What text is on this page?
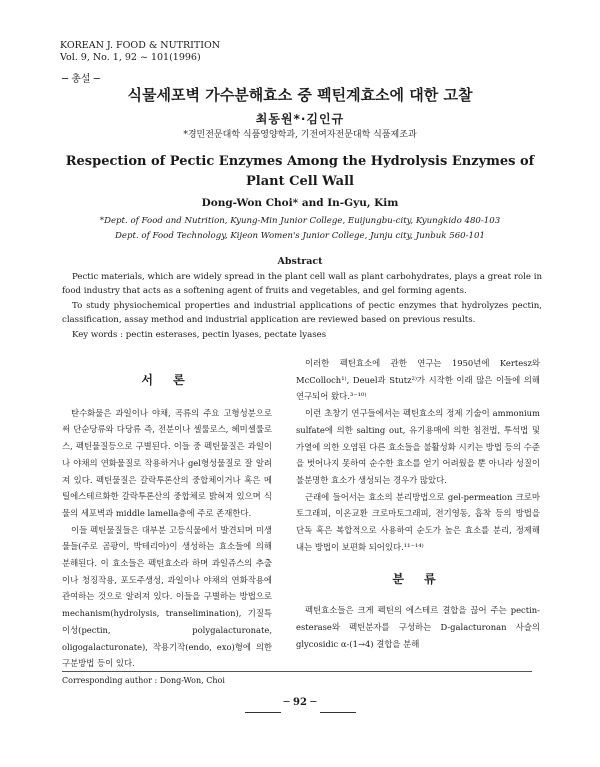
KOREAN J. FOOD & NUTRITION
Vol. 9, No. 1, 92 ~ 101(1996)
─ 총설 ─
식물세포벽 가수분해효소 중 펙틴계효소에 대한 고찰
최동원*·김인규
*경민전문대학 식품영양학과, 기전여자전문대학 식품제조과
Respection of Pectic Enzymes Among the Hydrolysis Enzymes of
Plant Cell Wall
Dong-Won Choi* and In-Gyu, Kim
*Dept. of Food and Nutrition, Kyung-Min Junior College, Euijungbu-city, Kyungkido 480-103
Dept. of Food Technology, Kijeon Women's Junior College, Junju city, Junbuk 560-101
Abstract

Pectic materials, which are widely spread in the plant cell wall as plant carbohydrates, plays a great role in food industry that acts as a softening agent of fruits and vegetables, and gel forming agents.

To study physiochemical properties and industrial applications of pectic enzymes that hydrolyzes pectin, classification, assay method and industrial application are reviewed based on previous results.

Key words : pectin esterases, pectin lyases, pectate lyases

서 론

탄수화물은 과일이나 야채, 곡류의 주요 고형성분으로써 단순당류와 다당류 즉, 전분이나 셀룰로스, 헤미셀룰로스, 펙틴물질등으로 구별된다. 이들 중 펙틴물질은 과일이나 야채의 연화물질로 작용하거나 gel형성물질로 잘 알려져 있다. 펙틴물질은 갈락투론산의 중합체이거나 혹은 메틸에스테르화한 갈락투론산의 중합체로 밝혀져 있으며 식물의 세포벽과 middle lamella층에 주로 존재한다.

이들 펙틴물질들은 대부분 고등식물에서 발견되며 미생물들(주로 곰팡이, 박테리아)이 생성하는 효소들에 의해 분해된다. 이 효소들은 펙틴효소라 하며 과일쥬스의 추출이나 청징작용, 포도주생성, 과일이나 야채의 연화작용에 관여하는 것으로 알려져 있다. 이들을 구별하는 방법으로 mechanism(hydrolysis, transelimination), 기질특이성(pectin, polygalacturonate, oligogalacturonate), 작용기작(endo, exo)형에 의한 구분방법 등이 있다.

이러한 펙틴효소에 관한 연구는 1950년에 Kertesz와 McColloch¹⁾, Deuel과 Stutz²⁾가 시작한 이래 많은 이들에 의해 연구되어 왔다.³⁻¹⁰⁾

이런 초창기 연구들에서는 펙틴효소의 정제 기술이 ammonium sulfate에 의한 salting out, 유기용매에 의한 침전법, 투석법 및 가열에 의한 오염된 다른 효소들을 불활성화 시키는 방법 등의 수준을 벗어나지 못하여 순수한 효소를 얻기 어려웠을 뿐 아니라 성질이 불분명한 효소가 생성되는 경우가 많았다.

근래에 들어서는 효소의 분리방법으로 gel-permeation 크로마토그래피, 이온교환 크로마토그래피, 전기영동, 흡착 등의 방법을 단독 혹은 복합적으로 사용하여 순도가 높은 효소를 분리, 정제해 내는 방법이 보편화 되어있다.¹¹⁻¹⁴⁾

분 류

펙틴효소들은 크게 펙틴의 에스테르 결합을 끊어 주는 pectin-esterase와 펙틴분자를 구성하는 D-galacturonan 사슬의 glycosidic α-(1→4) 결합을 분해

Corresponding author : Dong-Won, Choi
─ 92 ─
